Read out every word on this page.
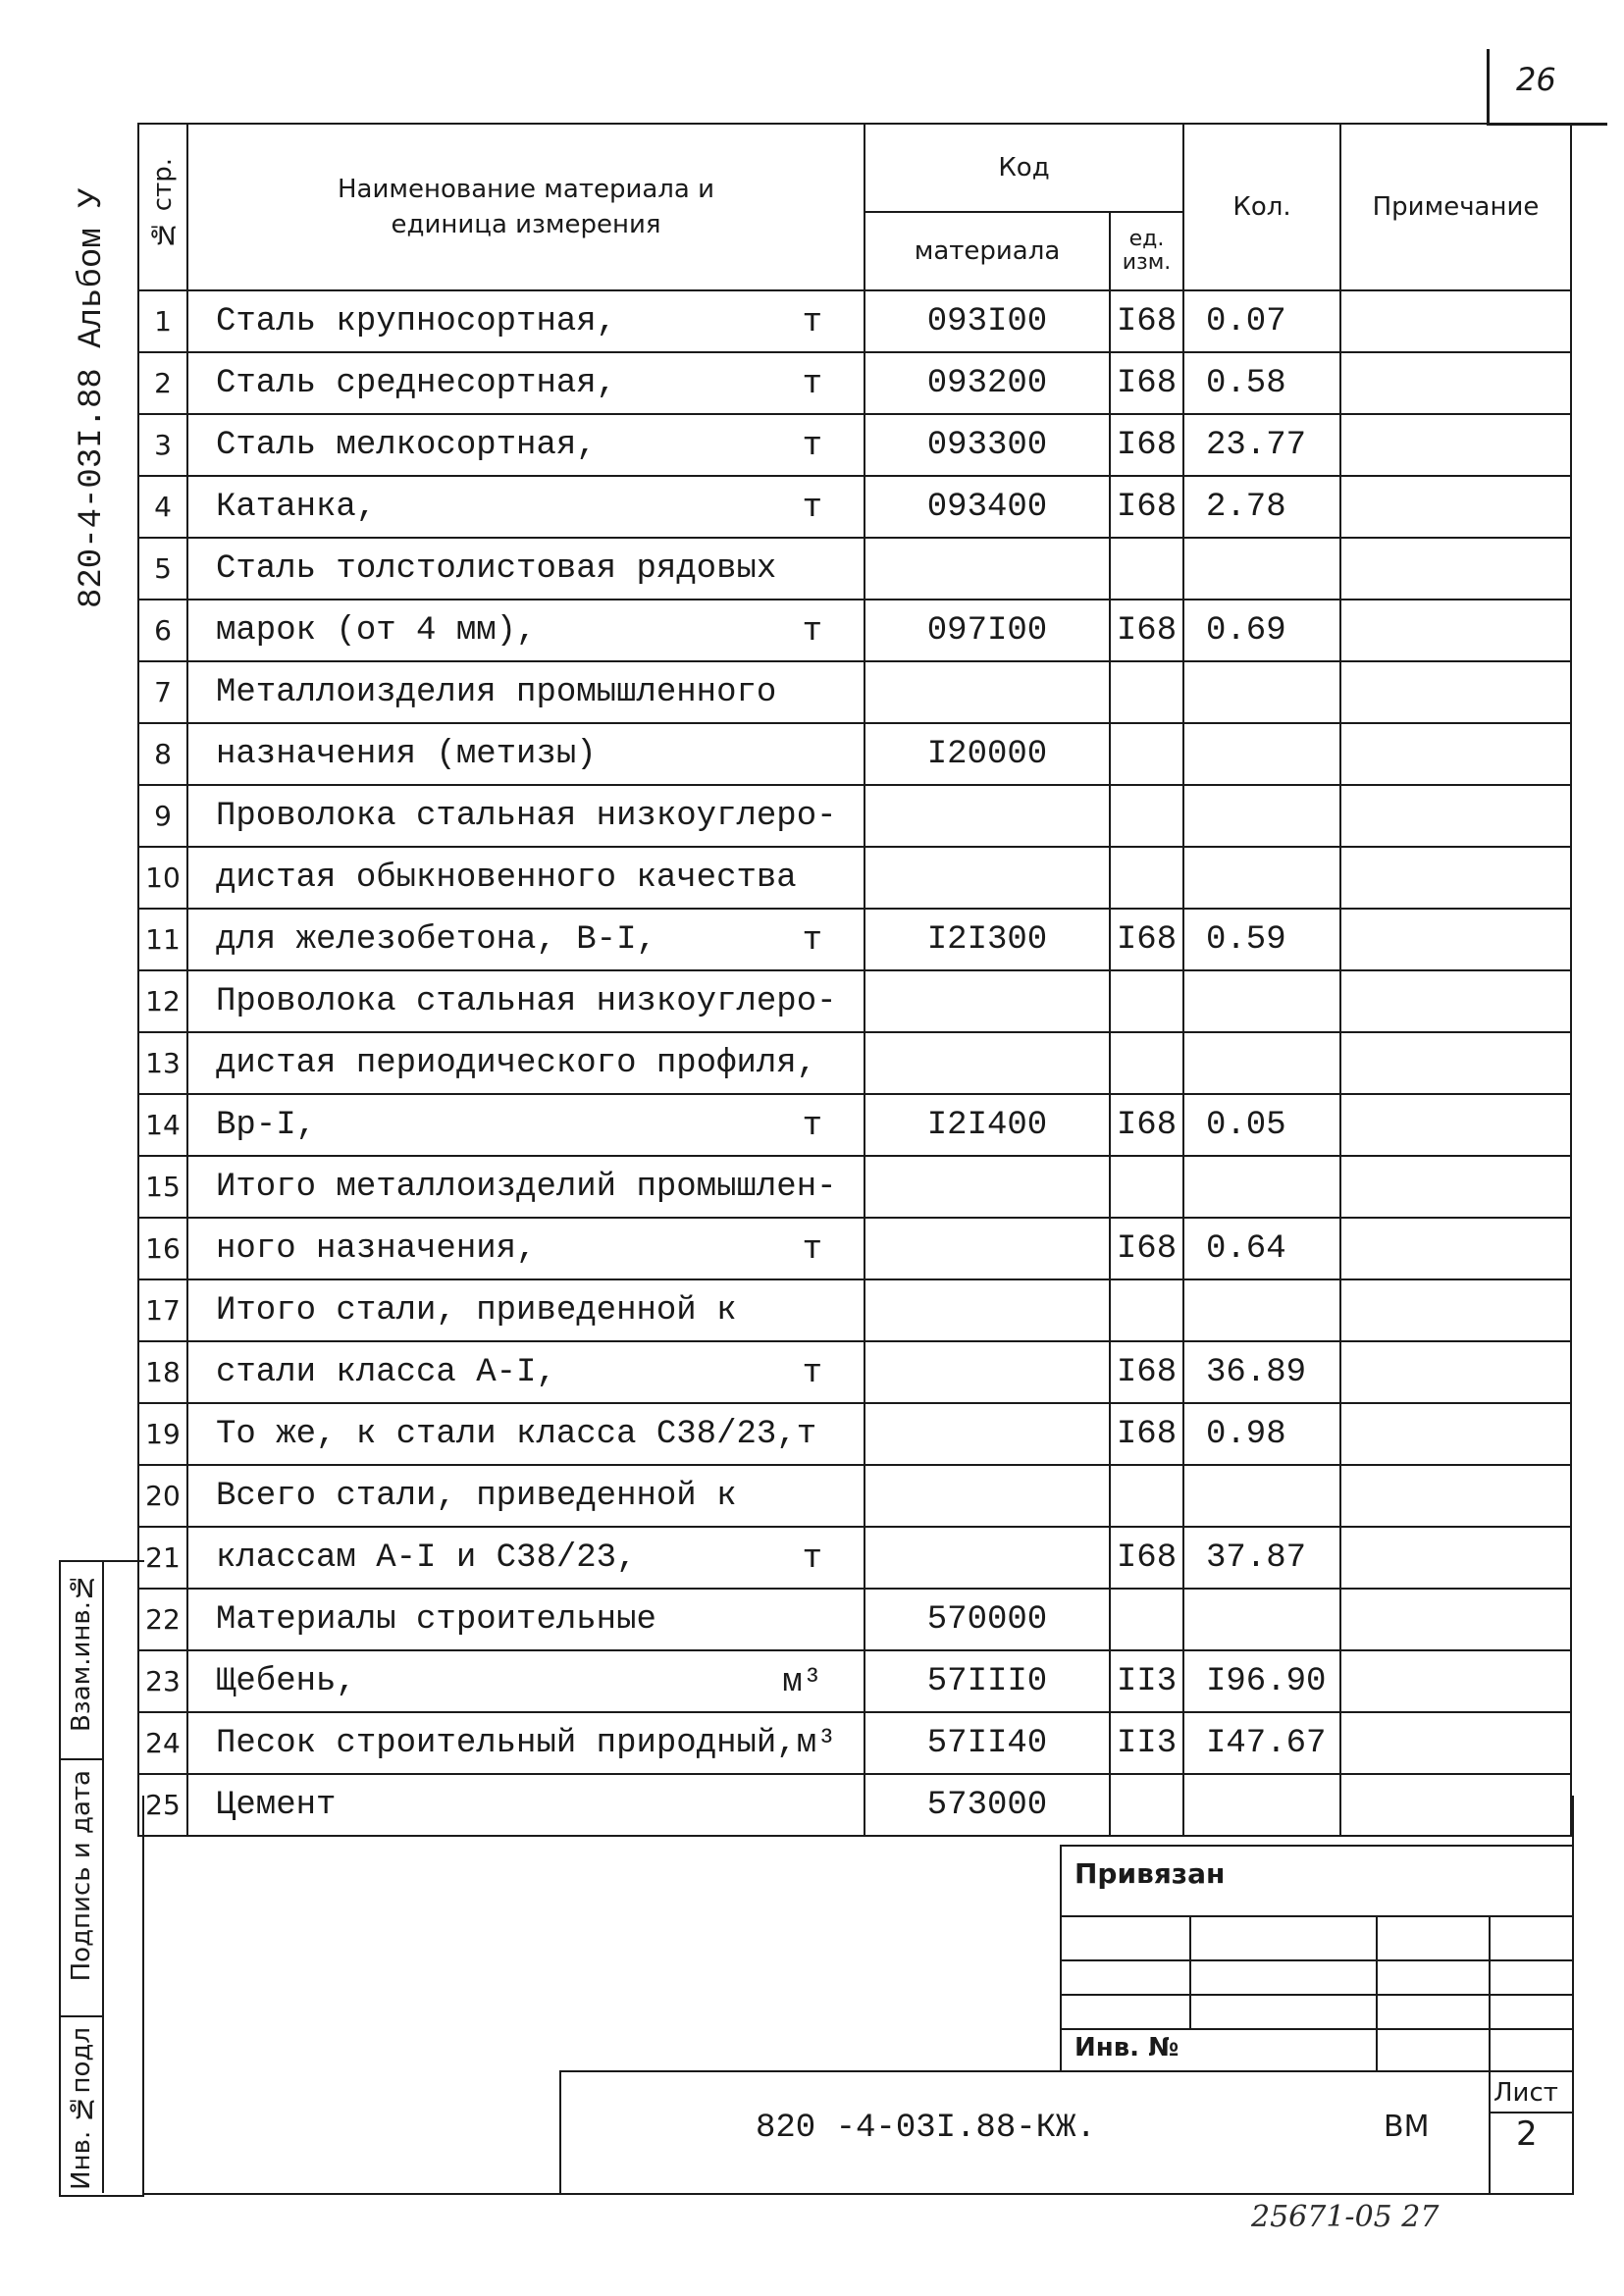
26
820-4-03I.88 Альбом У	№ стр.	Наименование материала и единица измерения	Код		Кол.	Примечание
		материала	ед. изм.		

1	Сталь крупносортная, т	093I00	I68	0.07	
2	Сталь среднесортная, т	093200	I68	0.58	
3	Сталь мелкосортная, т	093300	I68	23.77	
4	Катанка, т	093400	I68	2.78	
5	Сталь толстолистовая рядовых

6	марок (от 4 мм), т	097I00	I68	0.69	
7	Металлоизделия промышленного

8	назначения (метизы)	I20000			
9	Проволока стальная низкоуглеро-

10	дистая обыкновенного качества

11	для железобетона, В-I, т	I2I300	I68	0.59	
12	Проволока стальная низкоуглеро-

13	дистая периодического профиля,

14	Вр-I, т	I2I400	I68	0.05	
15	Итого металлоизделий промышлен-

16	ного назначения, т		I68	0.64	
17	Итого стали, приведенной к

18	стали класса А-I, т		I68	36.89	
19	То же, к стали класса С38/23,т		I68	0.98	
20	Всего стали, приведенной к

21	классам А-I и С38/23, т		I68	37.87	
22	Материалы строительные	570000			
23	Щебень, м³	57III0	II3	I96.90	
24	Песок строительный природный,м³	57II40	II3	I47.67	
25	Цемент	573000			
Взам.инв.№
Подпись и дата
Инв. №подл
Привязан
Инв. №
820 -4-03I.88-КЖ.	ВМ
Лист
2
25671-05 27
